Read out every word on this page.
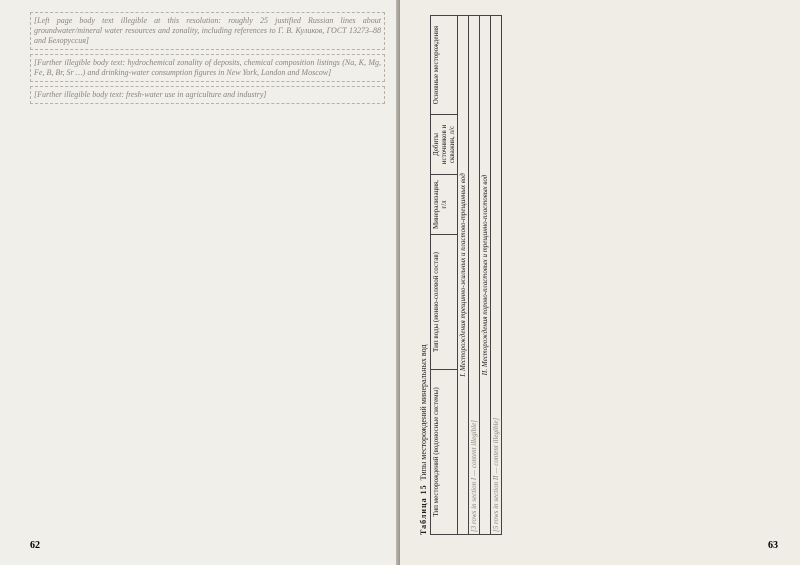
[Left page body text illegible at this resolution: roughly 25 justified Russian lines about groundwater/mineral water resources and zonality, including references to Г. В. Куликов, ГОСТ 13273–88 and Белоруссия]

[Further illegible body text: hydrochemical zonality of deposits, chemical composition listings (Na, K, Mg, Fe, B, Br, Sr …) and drinking-water consumption figures in New York, London and Moscow]

[Further illegible body text: fresh-water use in agriculture and industry]

62
Таблица 15  Типы месторождений минеральных вод Тип месторождений (водоносные системы)	Тип воды (ионно-солевой состав)	Минерализация, г/л	Дебиты источников и скважин, л/с	Основные месторождения
I. Месторождения трещинно-жильных и пластово-трещинных вод
[3 rows in section I — content illegible]
II. Месторождения порово-пластовых и трещинно-пластовых вод
[5 rows in section II — content illegible]
63
